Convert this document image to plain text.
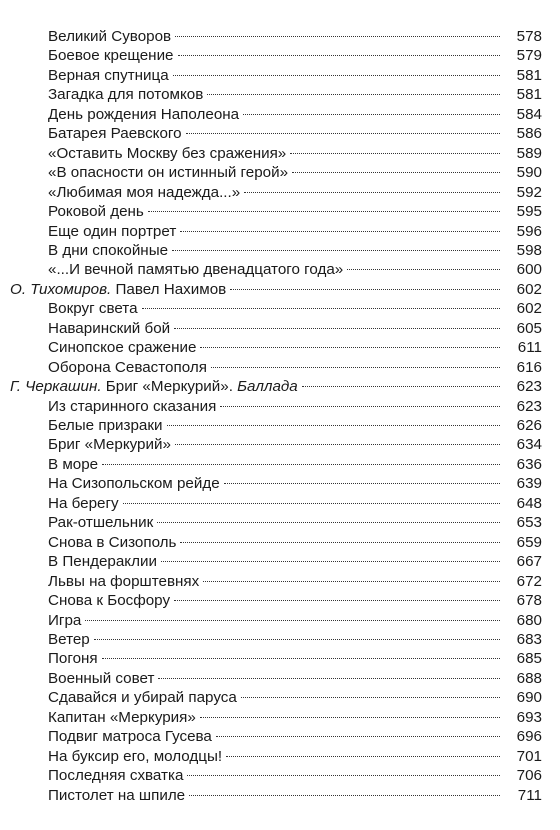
Великий Суворов	578
Боевое крещение	579
Верная спутница	581
Загадка для потомков	581
День рождения Наполеона	584
Батарея Раевского	586
«Оставить Москву без сражения»	589
«В опасности он истинный герой»	590
«Любимая моя надежда...»	592
Роковой день	595
Еще один портрет	596
В дни спокойные	598
«...И вечной памятью двенадцатого года»	600
О. Тихомиров. Павел Нахимов	602
Вокруг света	602
Наваринский бой	605
Синопское сражение	611
Оборона Севастополя	616
Г. Черкашин. Бриг «Меркурий». Баллада	623
Из старинного сказания	623
Белые призраки	626
Бриг «Меркурий»	634
В море	636
На Сизопольском рейде	639
На берегу	648
Рак-отшельник	653
Снова в Сизополь	659
В Пендераклии	667
Львы на форштевнях	672
Снова к Босфору	678
Игра	680
Ветер	683
Погоня	685
Военный совет	688
Сдавайся и убирай паруса	690
Капитан «Меркурия»	693
Подвиг матроса Гусева	696
На буксир его, молодцы!	701
Последняя схватка	706
Пистолет на шпиле	711
